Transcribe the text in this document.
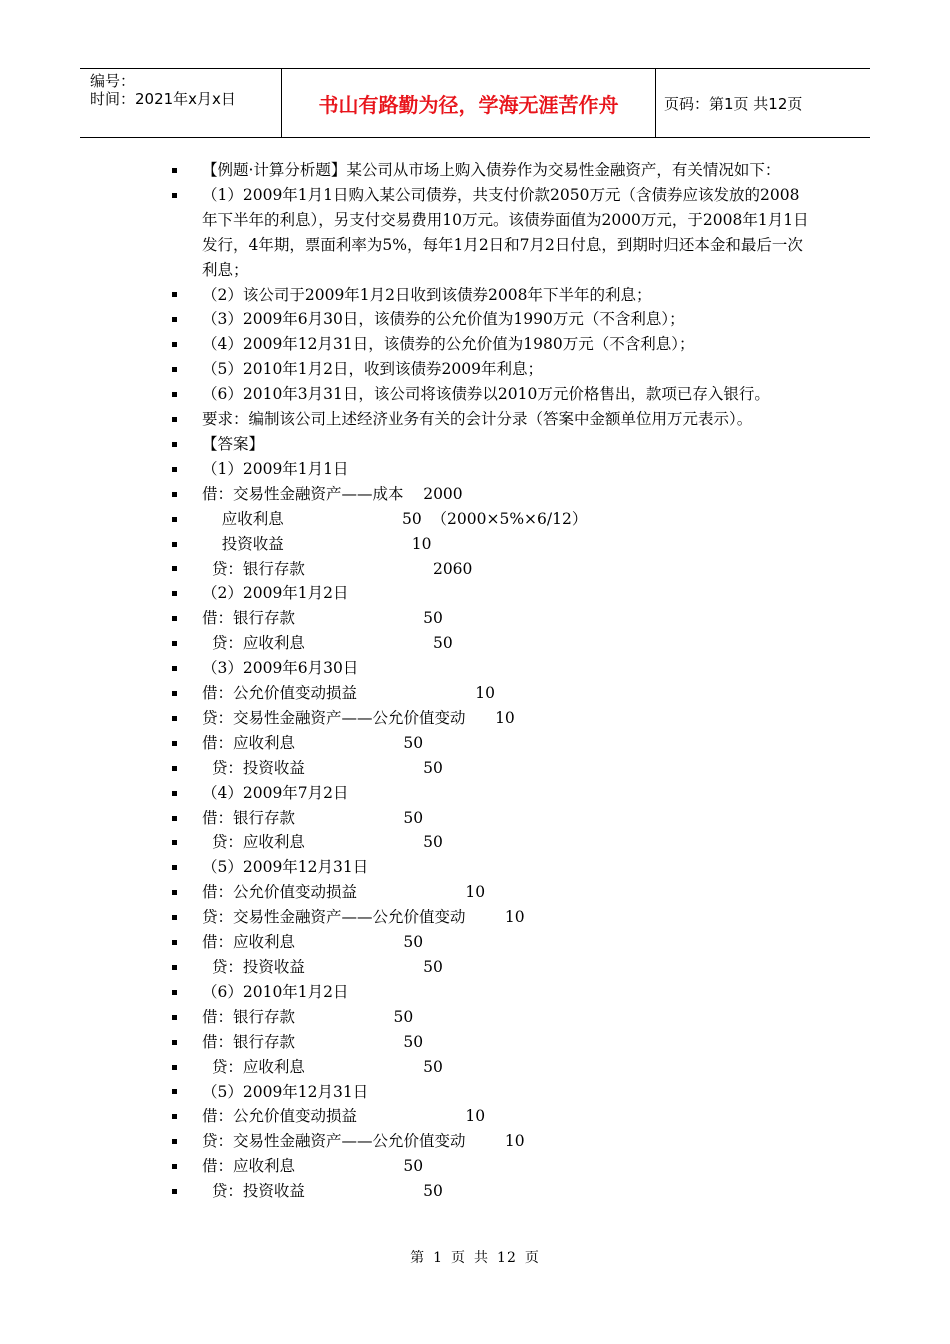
编号：
时间：2021年x月x日	书山有路勤为径，学海无涯苦作舟	页码：第1页 共12页
【例题·计算分析题】某公司从市场上购入债券作为交易性金融资产，有关情况如下：
（1）2009年1月1日购入某公司债券，共支付价款2050万元（含债券应该发放的2008年下半年的利息），另支付交易费用10万元。该债券面值为2000万元，于2008年1月1日发行，4年期，票面利率为5%，每年1月2日和7月2日付息，到期时归还本金和最后一次利息；
（2）该公司于2009年1月2日收到该债券2008年下半年的利息；
（3）2009年6月30日，该债券的公允价值为1990万元（不含利息）；
（4）2009年12月31日，该债券的公允价值为1980万元（不含利息）；
（5）2010年1月2日，收到该债券2009年利息；
（6）2010年3月31日，该公司将该债券以2010万元价格售出，款项已存入银行。
要求：编制该公司上述经济业务有关的会计分录（答案中金额单位用万元表示）。
【答案】
（1）2009年1月1日
借：交易性金融资产——成本    2000
应收利息                        50  （2000×5%×6/12）
投资收益                          10
贷：银行存款                          2060
（2）2009年1月2日
借：银行存款                          50
贷：应收利息                          50
（3）2009年6月30日
借：公允价值变动损益                        10
贷：交易性金融资产——公允价值变动      10
借：应收利息                      50
贷：投资收益                        50
（4）2009年7月2日
借：银行存款                      50
贷：应收利息                        50
（5）2009年12月31日
借：公允价值变动损益                      10
贷：交易性金融资产——公允价值变动        10
借：应收利息                      50
贷：投资收益                        50
（6）2010年1月2日
借：银行存款                    50
借：银行存款                      50
贷：应收利息                        50
（5）2009年12月31日
借：公允价值变动损益                      10
贷：交易性金融资产——公允价值变动        10
借：应收利息                      50
贷：投资收益                        50
第 1 页 共 12 页
